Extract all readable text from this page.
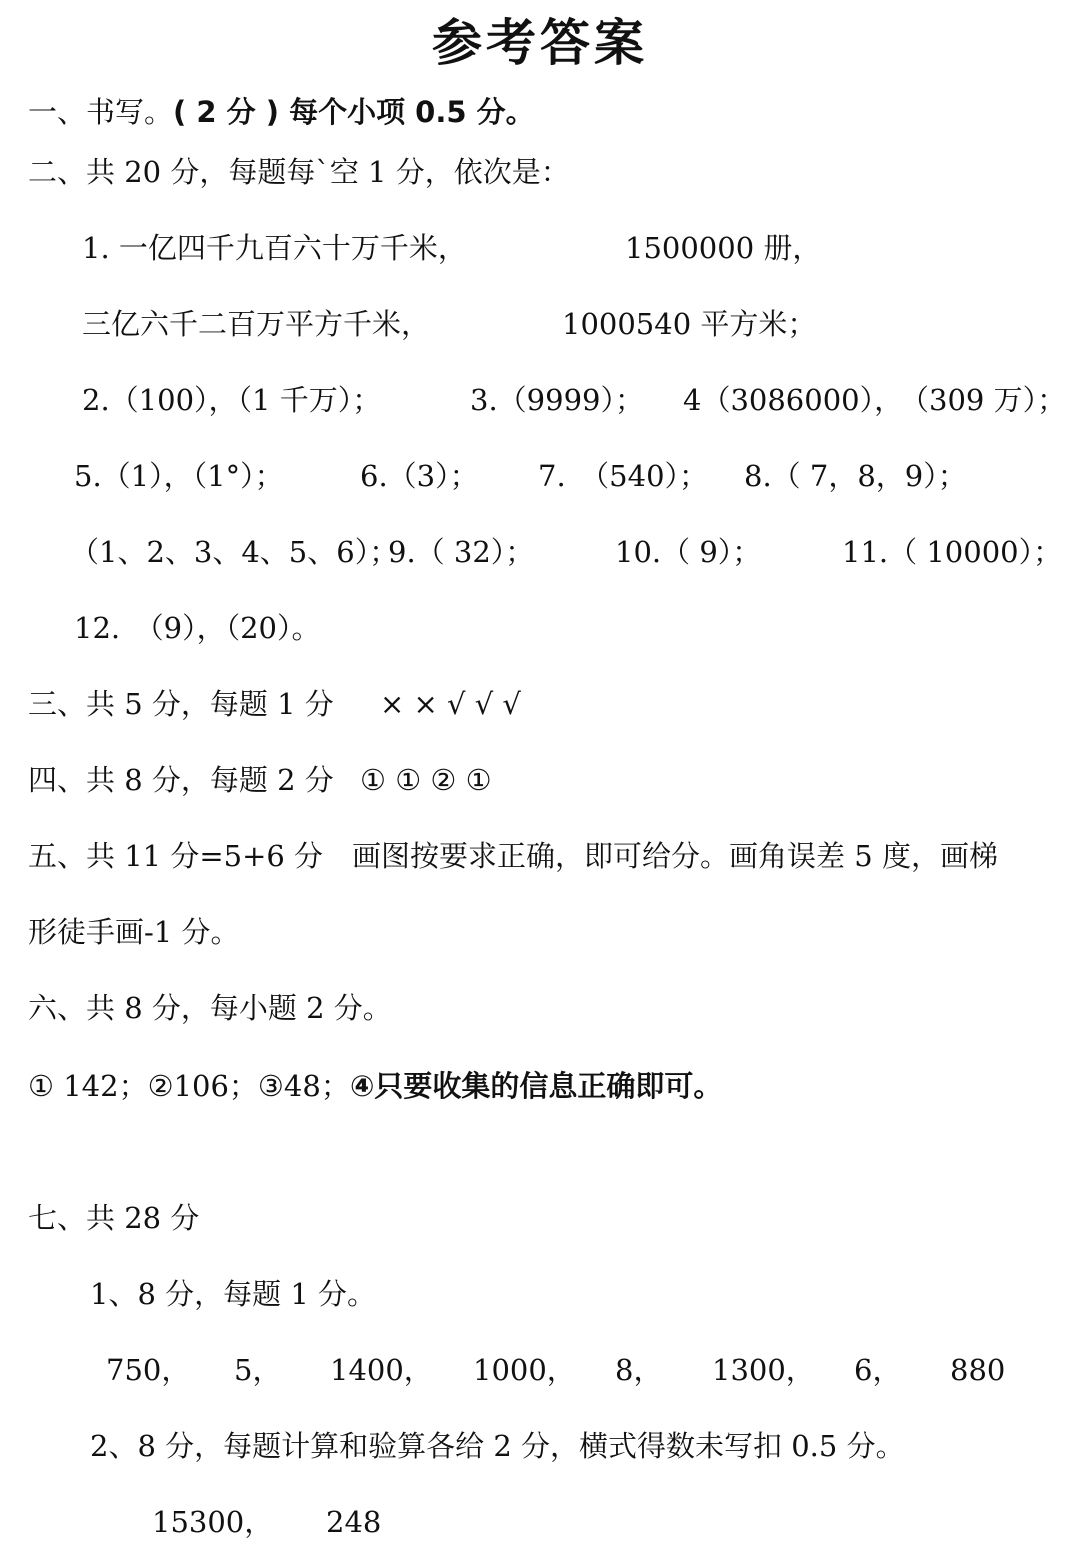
参考答案
一、书写。( 2 分 ) 每个小项 0.5 分。
二、共 20 分，每题每`空 1 分，依次是：
1. 一亿四千九百六十万千米，	1500000 册，
三亿六千二百万平方千米，	1000540 平方米；
2.（100），（1 千万）；	3.（9999）； 4（3086000），
（309 万）；
5.（1），（1°）；	6.（3）； 7.　（540）； 8.（ 7，8，9）；
（1、2、3、4、5、6）；
9.（ 32）；	10.（ 9）；	11.（ 10000）；
12.　（9），（20）。
三、共 5 分，每题 1 分 × × √ √ √
四、共 8 分，每题 2 分 ① ① ② ①
五、共 11 分=5+6 分　画图按要求正确，即可给分。画角误差 5 度，画梯
形徒手画-1 分。
六、共 8 分，每小题 2 分。
① 142；②106；③48；④只要收集的信息正确即可。
七、共 28 分
1、8 分，每题 1 分。
750， 5， 1400， 1000， 8， 1300， 6， 880
2、8 分，每题计算和验算各给 2 分，横式得数未写扣 0.5 分。
15300， 248
